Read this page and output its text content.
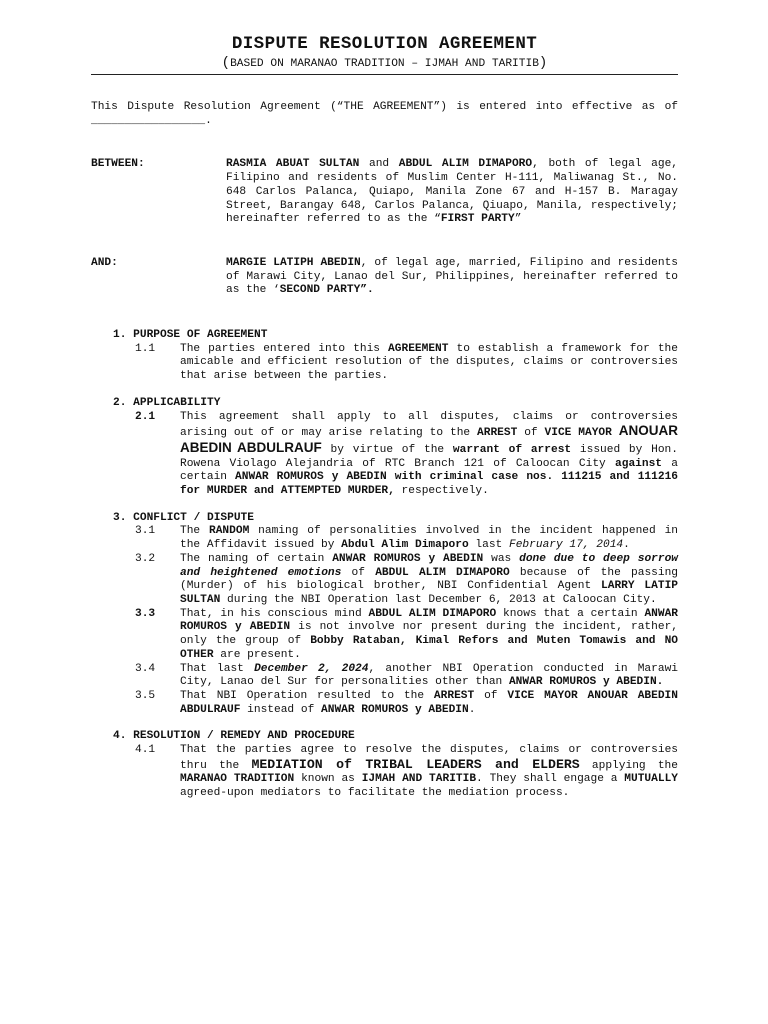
DISPUTE RESOLUTION AGREEMENT
(BASED ON MARANAO TRADITION – IJMAH AND TARITIB)

This Dispute Resolution Agreement (“THE AGREEMENT”) is entered into effective as of _________________.

BETWEEN:	RASMIA ABUAT SULTAN and ABDUL ALIM DIMAPORO, both of legal age, Filipino and residents of Muslim Center H-111, Maliwanag St., No. 648 Carlos Palanca, Quiapo, Manila Zone 67 and H-157 B. Maragay Street, Barangay 648, Carlos Palanca, Qiuapo, Manila, respectively; hereinafter referred to as the “FIRST PARTY”
AND:	MARGIE LATIPH ABEDIN, of legal age, married, Filipino and residents of Marawi City, Lanao del Sur, Philippines, hereinafter referred to as the ‘SECOND PARTY”.
1. PURPOSE OF AGREEMENT
1.1	The parties entered into this AGREEMENT to establish a framework for the amicable and efficient resolution of the disputes, claims or controversies that arise between the parties.
2. APPLICABILITY
2.1	This agreement shall apply to all disputes, claims or controversies arising out of or may arise relating to the ARREST of VICE MAYOR ANOUAR ABEDIN ABDULRAUF by virtue of the warrant of arrest issued by Hon. Rowena Violago Alejandria of RTC Branch 121 of Caloocan City against a certain ANWAR ROMUROS y ABEDIN with criminal case nos. 111215 and 111216 for MURDER and ATTEMPTED MURDER, respectively.
3. CONFLICT / DISPUTE
3.1	The RANDOM naming of personalities involved in the incident happened in the Affidavit issued by Abdul Alim Dimaporo last February 17, 2014.
3.2	The naming of certain ANWAR ROMUROS y ABEDIN was done due to deep sorrow and heightened emotions of ABDUL ALIM DIMAPORO because of the passing (Murder) of his biological brother, NBI Confidential Agent LARRY LATIP SULTAN during the NBI Operation last December 6, 2013 at Caloocan City.
3.3	That, in his conscious mind ABDUL ALIM DIMAPORO knows that a certain ANWAR ROMUROS y ABEDIN is not involve nor present during the incident, rather, only the group of Bobby Rataban, Kimal Refors and Muten Tomawis and NO OTHER are present.
3.4	That last December 2, 2024, another NBI Operation conducted in Marawi City, Lanao del Sur for personalities other than ANWAR ROMUROS y ABEDIN.
3.5	That NBI Operation resulted to the ARREST of VICE MAYOR ANOUAR ABEDIN ABDULRAUF instead of ANWAR ROMUROS y ABEDIN.
4. RESOLUTION / REMEDY AND PROCEDURE
4.1	That the parties agree to resolve the disputes, claims or controversies thru the MEDIATION of TRIBAL LEADERS and ELDERS applying the MARANAO TRADITION known as IJMAH AND TARITIB. They shall engage a MUTUALLY agreed-upon mediators to facilitate the mediation process.
